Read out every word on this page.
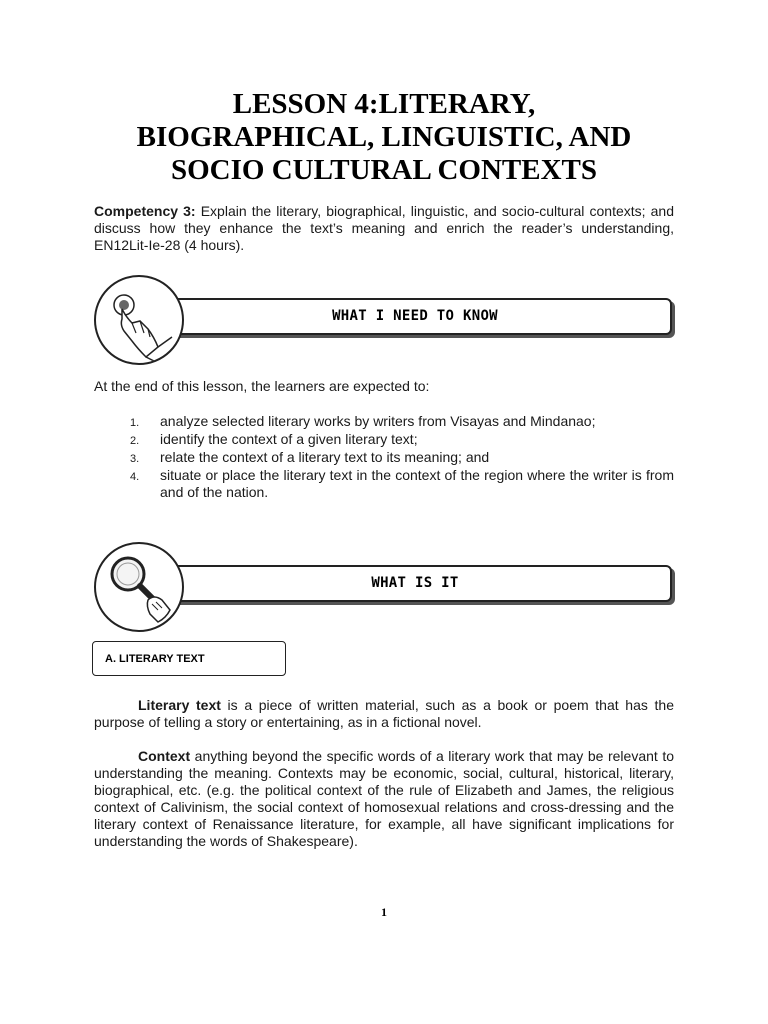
LESSON 4:LITERARY,
BIOGRAPHICAL, LINGUISTIC, AND
SOCIO CULTURAL CONTEXTS
Competency 3: Explain the literary, biographical, linguistic, and socio-cultural contexts; and discuss how they enhance the text’s meaning and enrich the reader’s understanding, EN12Lit-Ie-28 (4 hours).
WHAT I NEED TO KNOW
At the end of this lesson, the learners are expected to:
1. analyze selected literary works by writers from Visayas and Mindanao;
2. identify the context of a given literary text;
3. relate the context of a literary text to its meaning; and
4. situate or place the literary text in the context of the region where the writer is from and of the nation.
WHAT IS IT
A. LITERARY TEXT
Literary text is a piece of written material, such as a book or poem that has the purpose of telling a story or entertaining, as in a fictional novel.
Context anything beyond the specific words of a literary work that may be relevant to understanding the meaning. Contexts may be economic, social, cultural, historical, literary, biographical, etc. (e.g. the political context of the rule of Elizabeth and James, the religious context of Calivinism, the social context of homosexual relations and cross-dressing and the literary context of Renaissance literature, for example, all have significant implications for understanding the words of Shakespeare).
1
